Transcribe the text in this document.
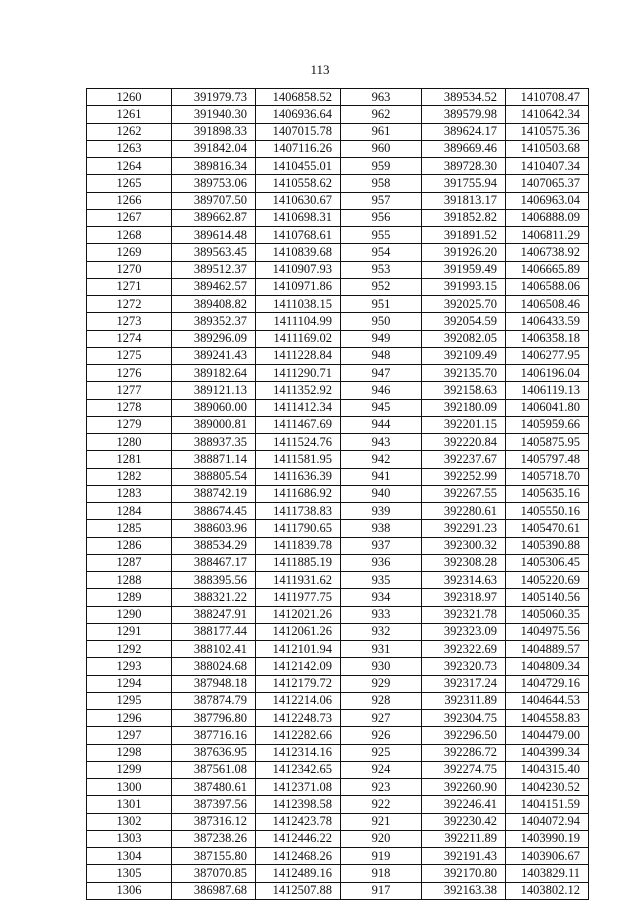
113
1260	391979.73	1406858.52	963	389534.52	1410708.47
1261	391940.30	1406936.64	962	389579.98	1410642.34
1262	391898.33	1407015.78	961	389624.17	1410575.36
1263	391842.04	1407116.26	960	389669.46	1410503.68
1264	389816.34	1410455.01	959	389728.30	1410407.34
1265	389753.06	1410558.62	958	391755.94	1407065.37
1266	389707.50	1410630.67	957	391813.17	1406963.04
1267	389662.87	1410698.31	956	391852.82	1406888.09
1268	389614.48	1410768.61	955	391891.52	1406811.29
1269	389563.45	1410839.68	954	391926.20	1406738.92
1270	389512.37	1410907.93	953	391959.49	1406665.89
1271	389462.57	1410971.86	952	391993.15	1406588.06
1272	389408.82	1411038.15	951	392025.70	1406508.46
1273	389352.37	1411104.99	950	392054.59	1406433.59
1274	389296.09	1411169.02	949	392082.05	1406358.18
1275	389241.43	1411228.84	948	392109.49	1406277.95
1276	389182.64	1411290.71	947	392135.70	1406196.04
1277	389121.13	1411352.92	946	392158.63	1406119.13
1278	389060.00	1411412.34	945	392180.09	1406041.80
1279	389000.81	1411467.69	944	392201.15	1405959.66
1280	388937.35	1411524.76	943	392220.84	1405875.95
1281	388871.14	1411581.95	942	392237.67	1405797.48
1282	388805.54	1411636.39	941	392252.99	1405718.70
1283	388742.19	1411686.92	940	392267.55	1405635.16
1284	388674.45	1411738.83	939	392280.61	1405550.16
1285	388603.96	1411790.65	938	392291.23	1405470.61
1286	388534.29	1411839.78	937	392300.32	1405390.88
1287	388467.17	1411885.19	936	392308.28	1405306.45
1288	388395.56	1411931.62	935	392314.63	1405220.69
1289	388321.22	1411977.75	934	392318.97	1405140.56
1290	388247.91	1412021.26	933	392321.78	1405060.35
1291	388177.44	1412061.26	932	392323.09	1404975.56
1292	388102.41	1412101.94	931	392322.69	1404889.57
1293	388024.68	1412142.09	930	392320.73	1404809.34
1294	387948.18	1412179.72	929	392317.24	1404729.16
1295	387874.79	1412214.06	928	392311.89	1404644.53
1296	387796.80	1412248.73	927	392304.75	1404558.83
1297	387716.16	1412282.66	926	392296.50	1404479.00
1298	387636.95	1412314.16	925	392286.72	1404399.34
1299	387561.08	1412342.65	924	392274.75	1404315.40
1300	387480.61	1412371.08	923	392260.90	1404230.52
1301	387397.56	1412398.58	922	392246.41	1404151.59
1302	387316.12	1412423.78	921	392230.42	1404072.94
1303	387238.26	1412446.22	920	392211.89	1403990.19
1304	387155.80	1412468.26	919	392191.43	1403906.67
1305	387070.85	1412489.16	918	392170.80	1403829.11
1306	386987.68	1412507.88	917	392163.38	1403802.12
